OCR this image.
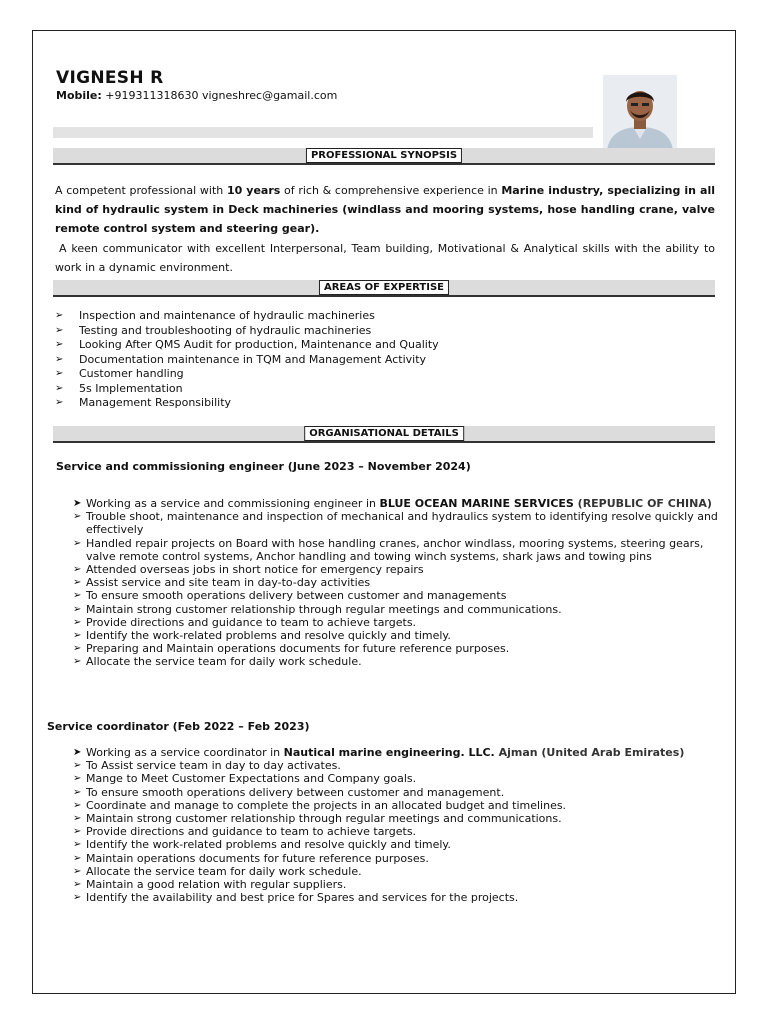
VIGNESH R
Mobile: +919311318630 vigneshrec@gamail.com
PROFESSIONAL SYNOPSIS
A competent professional with 10 years of rich & comprehensive experience in Marine industry, specializing in all kind of hydraulic system in Deck machineries (windlass and mooring systems, hose handling crane, valve remote control system and steering gear).
A keen communicator with excellent Interpersonal, Team building, Motivational & Analytical skills with the ability to work in a dynamic environment.
AREAS OF EXPERTISE
➢ Inspection and maintenance of hydraulic machineries
➢ Testing and troubleshooting of hydraulic machineries
➢ Looking After QMS Audit for production, Maintenance and Quality
➢ Documentation maintenance in TQM and Management Activity
➢ Customer handling
➢ 5s Implementation
➢ Management Responsibility
ORGANISATIONAL DETAILS
Service and commissioning engineer (June 2023 – November 2024)
➤ Working as a service and commissioning engineer in BLUE OCEAN MARINE SERVICES (REPUBLIC OF CHINA)
➢ Trouble shoot, maintenance and inspection of mechanical and hydraulics system to identifying resolve quickly and effectively
➢ Handled repair projects on Board with hose handling cranes, anchor windlass, mooring systems, steering gears, valve remote control systems, Anchor handling and towing winch systems, shark jaws and towing pins
➢ Attended overseas jobs in short notice for emergency repairs
➢ Assist service and site team in day-to-day activities
➢ To ensure smooth operations delivery between customer and managements
➢ Maintain strong customer relationship through regular meetings and communications.
➢ Provide directions and guidance to team to achieve targets.
➢ Identify the work-related problems and resolve quickly and timely.
➢ Preparing and Maintain operations documents for future reference purposes.
➢ Allocate the service team for daily work schedule.
Service coordinator (Feb 2022 – Feb 2023)
➤ Working as a service coordinator in Nautical marine engineering. LLC. Ajman (United Arab Emirates)
➢ To Assist service team in day to day activates.
➢ Mange to Meet Customer Expectations and Company goals.
➢ To ensure smooth operations delivery between customer and management.
➢ Coordinate and manage to complete the projects in an allocated budget and timelines.
➢ Maintain strong customer relationship through regular meetings and communications.
➢ Provide directions and guidance to team to achieve targets.
➢ Identify the work-related problems and resolve quickly and timely.
➢ Maintain operations documents for future reference purposes.
➢ Allocate the service team for daily work schedule.
➢ Maintain a good relation with regular suppliers.
➢ Identify the availability and best price for Spares and services for the projects.
